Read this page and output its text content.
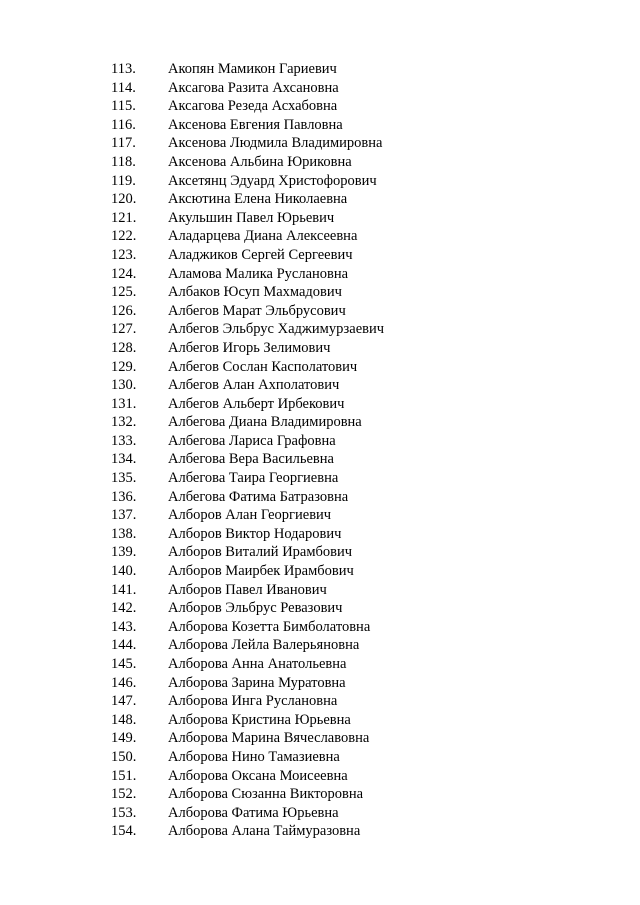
113.	Акопян Мамикон Гариевич
114.	Аксагова Разита Ахсановна
115.	Аксагова Резеда Асхабовна
116.	Аксенова Евгения Павловна
117.	Аксенова Людмила Владимировна
118.	Аксенова Альбина Юриковна
119.	Аксетянц Эдуард Христофорович
120.	Аксютина Елена Николаевна
121.	Акульшин Павел Юрьевич
122.	Аладарцева Диана Алексеевна
123.	Аладжиков Сергей Сергеевич
124.	Аламова Малика Руслановна
125.	Албаков Юсуп Махмадович
126.	Албегов Марат Эльбрусович
127.	Албегов Эльбрус Хаджимурзаевич
128.	Албегов Игорь Зелимович
129.	Албегов Сослан Касполатович
130.	Албегов Алан Ахполатович
131.	Албегов Альберт Ирбекович
132.	Албегова Диана Владимировна
133.	Албегова Лариса Графовна
134.	Албегова Вера Васильевна
135.	Албегова Таира Георгиевна
136.	Албегова Фатима Батразовна
137.	Алборов Алан Георгиевич
138.	Алборов Виктор Нодарович
139.	Алборов Виталий Ирамбович
140.	Алборов Маирбек Ирамбович
141.	Алборов Павел Иванович
142.	Алборов Эльбрус Ревазович
143.	Алборова Козетта Бимболатовна
144.	Алборова Лейла Валерьяновна
145.	Алборова Анна Анатольевна
146.	Алборова Зарина Муратовна
147.	Алборова Инга Руслановна
148.	Алборова Кристина Юрьевна
149.	Алборова Марина Вячеславовна
150.	Алборова Нино Тамазиевна
151.	Алборова Оксана Моисеевна
152.	Алборова Сюзанна Викторовна
153.	Алборова Фатима Юрьевна
154.	Алборова Алана Таймуразовна
